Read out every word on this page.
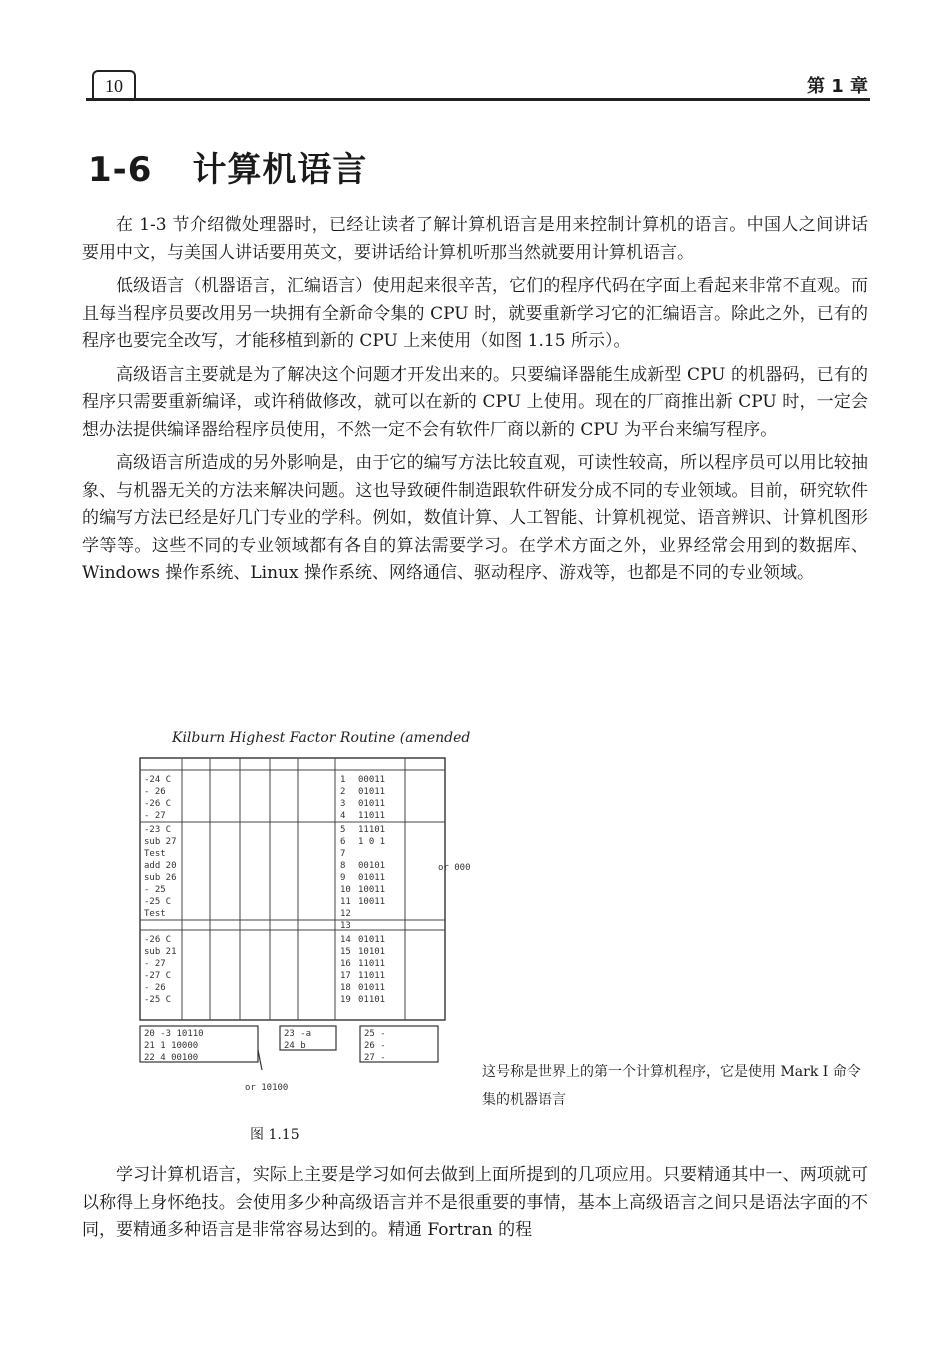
10	第 1 章
1-6 计算机语言

在 1-3 节介绍微处理器时，已经让读者了解计算机语言是用来控制计算机的语言。中国人之间讲话要用中文，与美国人讲话要用英文，要讲话给计算机听那当然就要用计算机语言。

低级语言（机器语言，汇编语言）使用起来很辛苦，它们的程序代码在字面上看起来非常不直观。而且每当程序员要改用另一块拥有全新命令集的 CPU 时，就要重新学习它的汇编语言。除此之外，已有的程序也要完全改写，才能移植到新的 CPU 上来使用（如图 1.15 所示）。

高级语言主要就是为了解决这个问题才开发出来的。只要编译器能生成新型 CPU 的机器码，已有的程序只需要重新编译，或许稍做修改，就可以在新的 CPU 上使用。现在的厂商推出新 CPU 时，一定会想办法提供编译器给程序员使用，不然一定不会有软件厂商以新的 CPU 为平台来编写程序。

高级语言所造成的另外影响是，由于它的编写方法比较直观，可读性较高，所以程序员可以用比较抽象、与机器无关的方法来解决问题。这也导致硬件制造跟软件研发分成不同的专业领域。目前，研究软件的编写方法已经是好几门专业的学科。例如，数值计算、人工智能、计算机视觉、语音辨识、计算机图形学等等。这些不同的专业领域都有各自的算法需要学习。在学术方面之外，业界经常会用到的数据库、Windows 操作系统、Linux 操作系统、网络通信、驱动程序、游戏等，也都是不同的专业领域。

Kilburn Highest Factor Routine (amended)
-24 C
- 26
-26 C
- 27
-23 C
sub 27
Test
add 20
sub 26
- 25
-25 C
Test
-26 C
sub 21
- 27
-27 C
- 26
-25 C
1
2
3
4
5
6
7
8
9
10
11
12
13
14
15
16
17
18
19
00011
01011
01011
11011
11101
1 0 1
00101
01011
10011
10011
01011
10101
11011
11011
01011
01101
20 -3 10110
21 1 10000
22 4 00100
23 -a
24 b
25 -
26 -
27 -
or 10100
or 000
这号称是世界上的第一个计算机程序，它是使用 Mark I 命令集的机器语言
图 1.15

学习计算机语言，实际上主要是学习如何去做到上面所提到的几项应用。只要精通其中一、两项就可以称得上身怀绝技。会使用多少种高级语言并不是很重要的事情，基本上高级语言之间只是语法字面的不同，要精通多种语言是非常容易达到的。精通 Fortran 的程
